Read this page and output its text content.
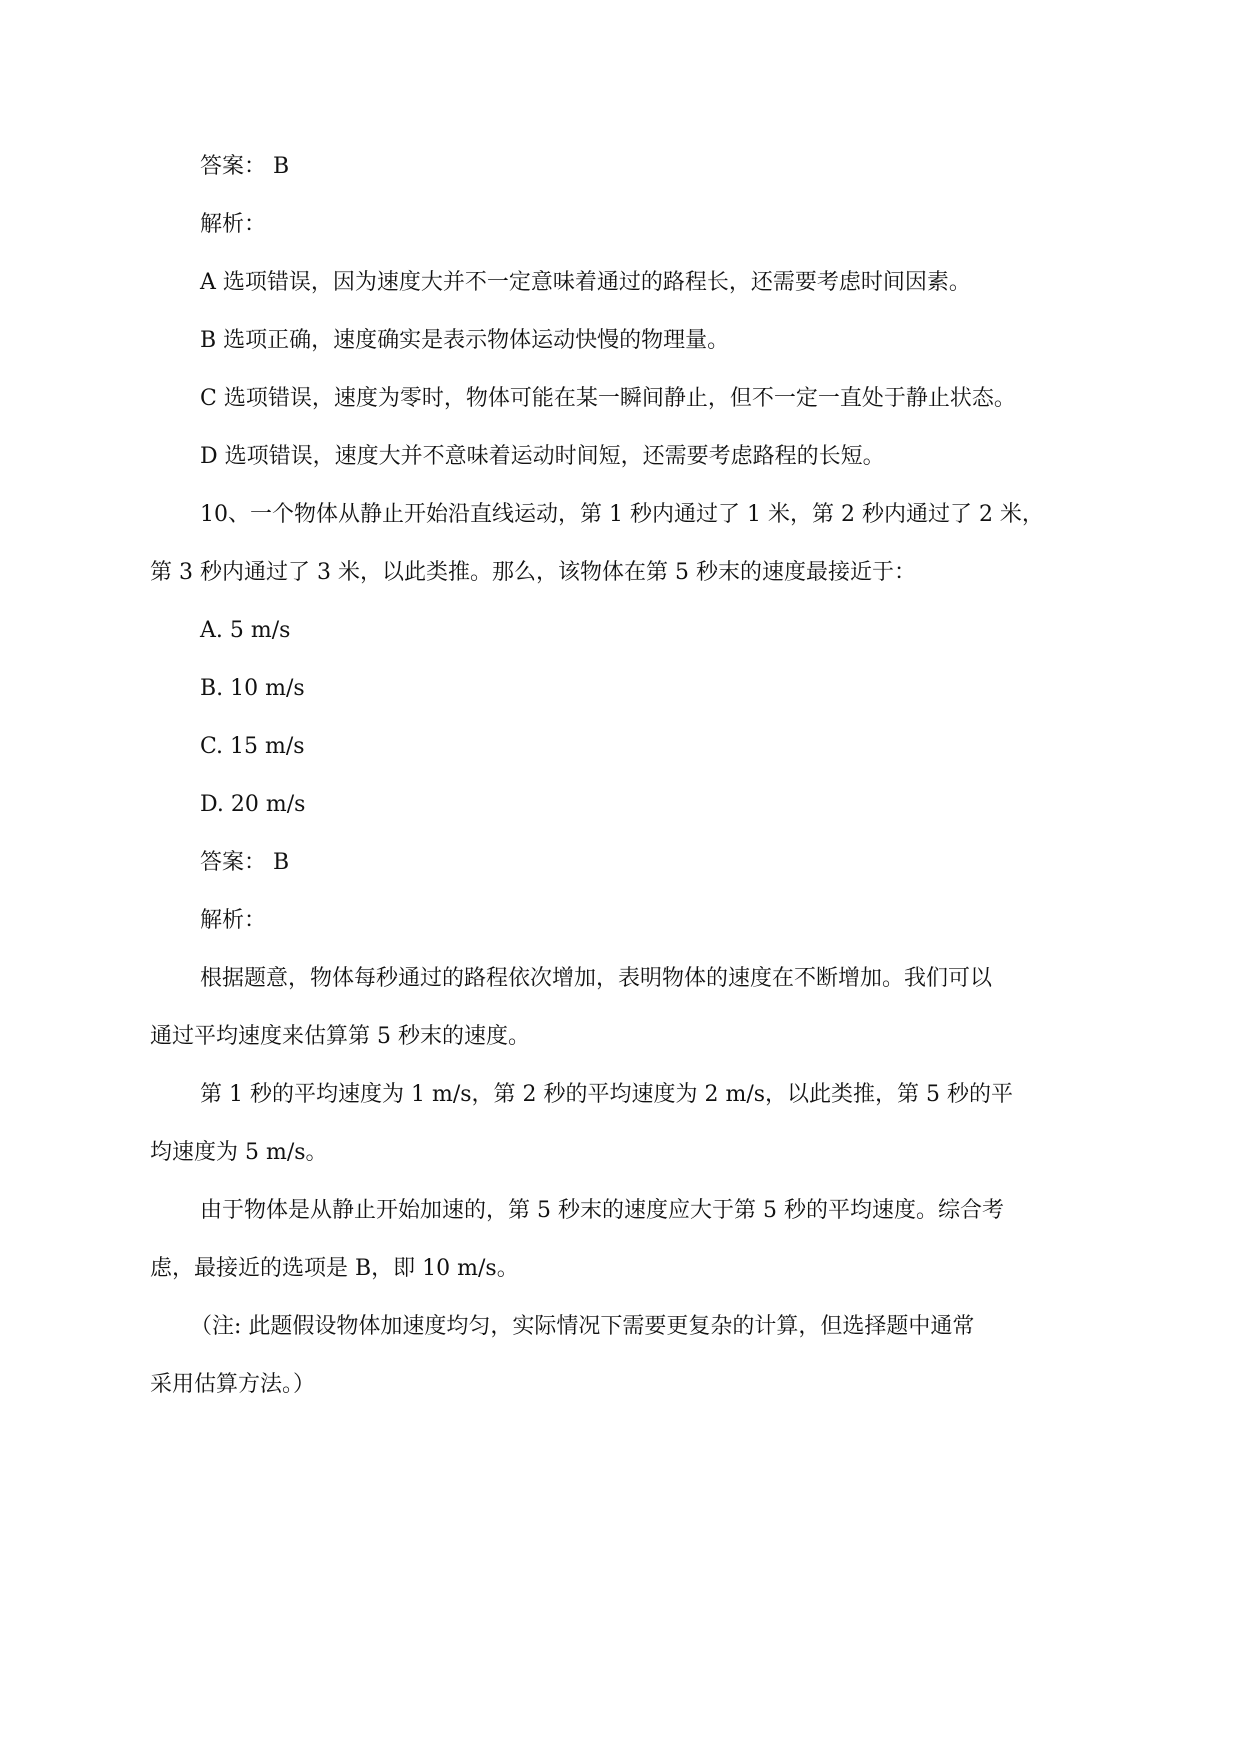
答案： B
解析：
A 选项错误，因为速度大并不一定意味着通过的路程长，还需要考虑时间因素。
B 选项正确，速度确实是表示物体运动快慢的物理量。
C 选项错误，速度为零时，物体可能在某一瞬间静止，但不一定一直处于静止状态。
D 选项错误，速度大并不意味着运动时间短，还需要考虑路程的长短。
10、一个物体从静止开始沿直线运动，第 1 秒内通过了 1 米，第 2 秒内通过了 2 米，
第 3 秒内通过了 3 米，以此类推。那么，该物体在第 5 秒末的速度最接近于：
A. 5 m/s
B. 10 m/s
C. 15 m/s
D. 20 m/s
答案： B
解析：
根据题意，物体每秒通过的路程依次增加，表明物体的速度在不断增加。我们可以
通过平均速度来估算第 5 秒末的速度。
第 1 秒的平均速度为 1 m/s，第 2 秒的平均速度为 2 m/s，以此类推，第 5 秒的平
均速度为 5 m/s。
由于物体是从静止开始加速的，第 5 秒末的速度应大于第 5 秒的平均速度。综合考
虑，最接近的选项是 B，即 10 m/s。
（注: 此题假设物体加速度均匀，实际情况下需要更复杂的计算，但选择题中通常
采用估算方法。）
